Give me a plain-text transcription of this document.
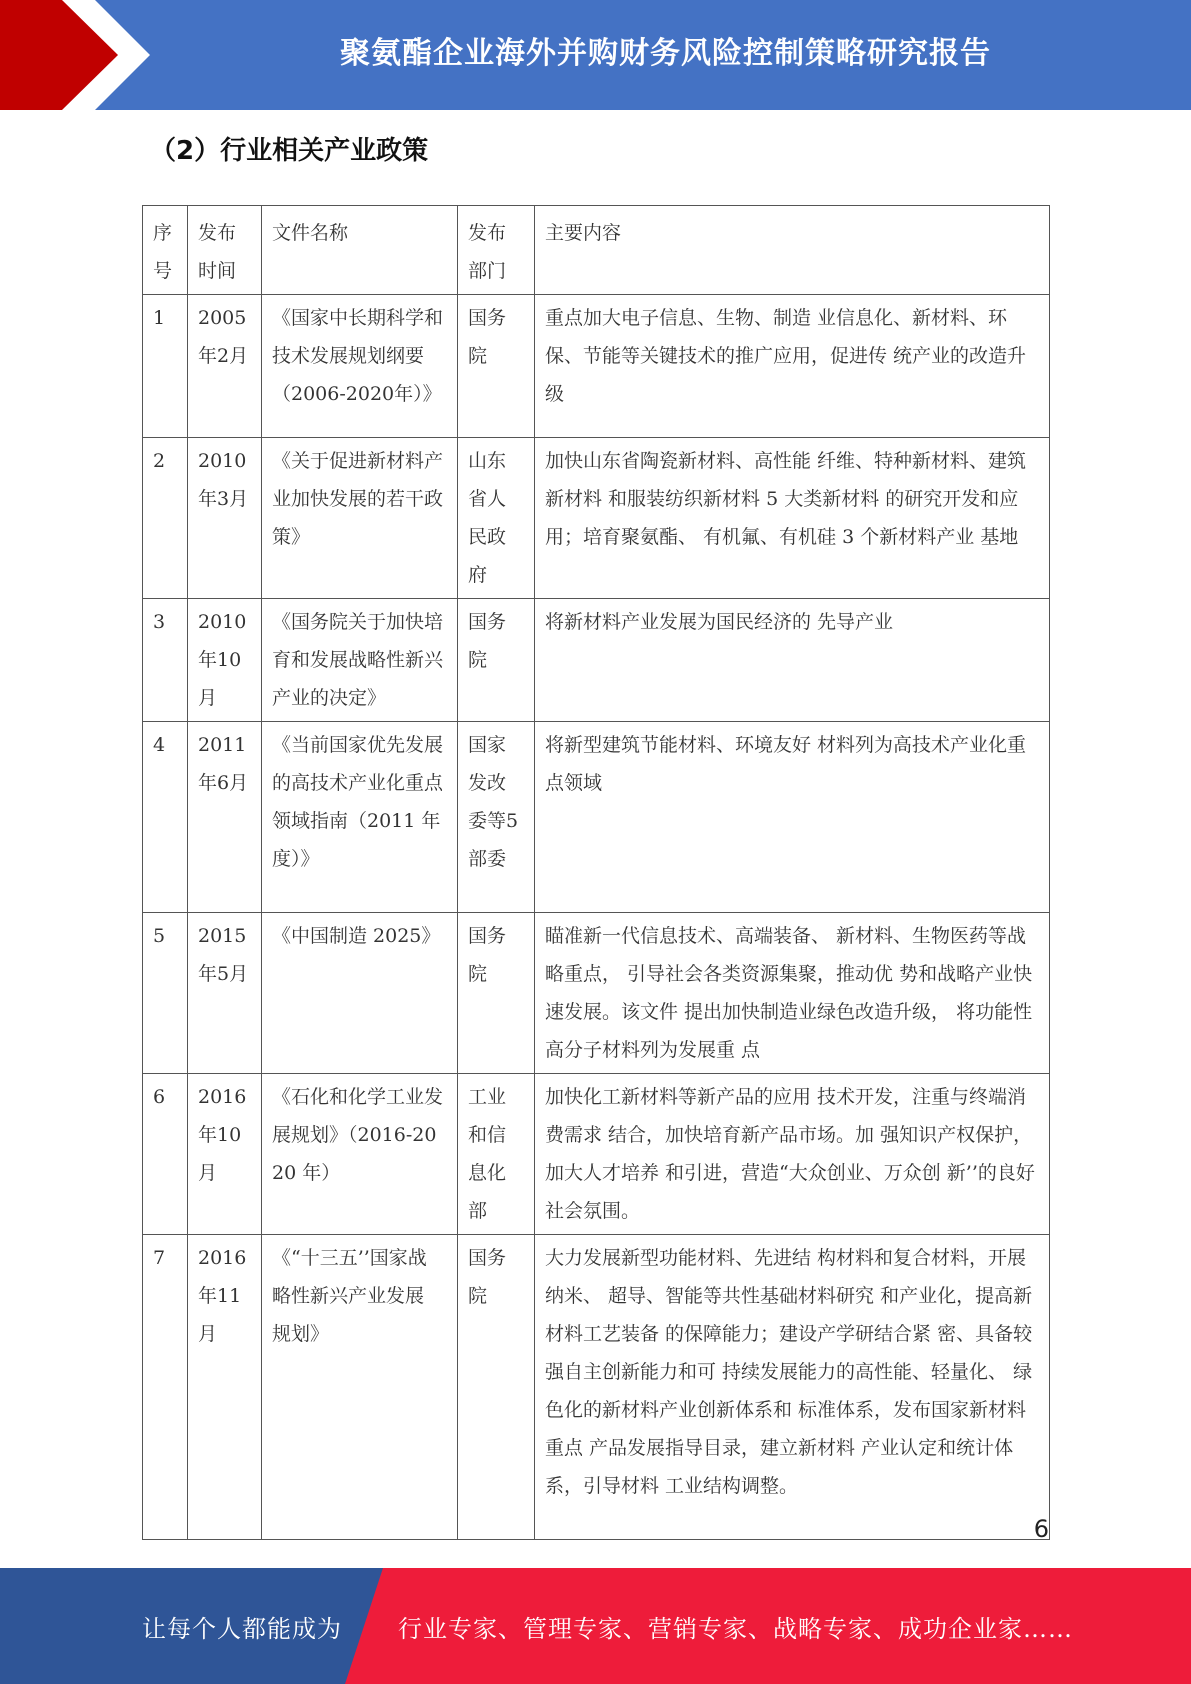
聚氨酯企业海外并购财务风险控制策略研究报告
（2）行业相关产业政策
序号	发布时间	文件名称	发布部门	主要内容
1	2005年2月	《国家中长期科学和技术发展规划纲要（2006-2020年）》	国务院	重点加大电子信息、生物、制造 业信息化、新材料、环保、节能等关键技术的推广应用，促进传 统产业的改造升级
2	2010年3月	《关于促进新材料产业加快发展的若干政策》	山东省人民政府	加快山东省陶瓷新材料、高性能 纤维、特种新材料、建筑新材料 和服装纺织新材料 5 大类新材料 的研究开发和应用；培育聚氨酯、 有机氟、有机硅 3 个新材料产业 基地
3	2010年10月	《国务院关于加快培育和发展战略性新兴产业的决定》	国务院	将新材料产业发展为国民经济的 先导产业
4	2011年6月	《当前国家优先发展的高技术产业化重点领域指南（2011 年度）》	国家发改委等5部委	将新型建筑节能材料、环境友好 材料列为高技术产业化重点领域
5	2015年5月	《中国制造 2025》	国务院	瞄准新一代信息技术、高端装备、 新材料、生物医药等战略重点， 引导社会各类资源集聚，推动优 势和战略产业快速发展。该文件 提出加快制造业绿色改造升级， 将功能性高分子材料列为发展重 点
6	2016年10月	《石化和化学工业发展规划》（2016-2020 年）	工业和信息化部	加快化工新材料等新产品的应用 技术开发，注重与终端消费需求 结合，加快培育新产品市场。加 强知识产权保护，加大人才培养 和引进，营造“大众创业、万众创 新’’的良好社会氛围。
7	2016年11月	《“十三五’’国家战 略性新兴产业发展 规划》	国务院	大力发展新型功能材料、先进结 构材料和复合材料，开展纳米、 超导、智能等共性基础材料研究 和产业化，提高新材料工艺装备 的保障能力；建设产学研结合紧 密、具备较强自主创新能力和可 持续发展能力的高性能、轻量化、 绿色化的新材料产业创新体系和 标准体系，发布国家新材料重点 产品发展指导目录，建立新材料 产业认定和统计体系，引导材料 工业结构调整。
6
让每个人都能成为 行业专家、管理专家、营销专家、战略专家、成功企业家……
